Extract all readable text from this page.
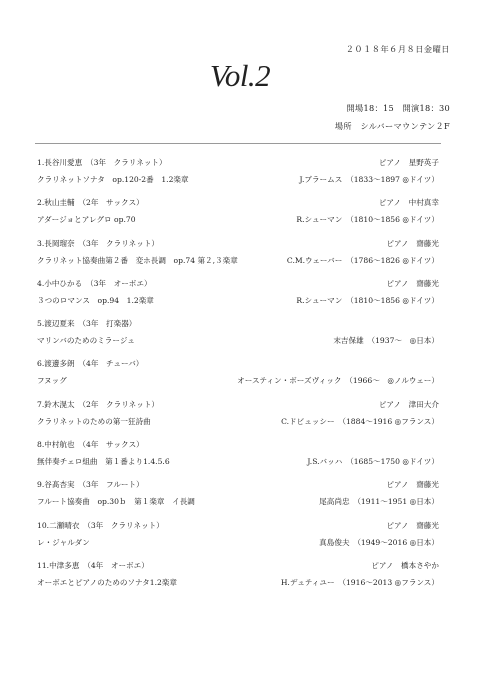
２０１８年６月８日金曜日
Vol.2
開場18：15　開演18：30
場所　シルバーマウンテン２F
1.長谷川愛恵　（3年　クラリネット）	ピアノ　星野英子
クラリネットソナタ　op.120-2番　1.2楽章	J.ブラームス　（1833〜1897 ◎ドイツ）
2.秋山圭輔　（2年　サックス）	ピアノ　中村真幸
アダージョとアレグロ op.70	R.シューマン　（1810〜1856 ◎ドイツ）
3.長岡瑠奈　（3年　クラリネット）	ピアノ　齋藤光
クラリネット協奏曲第２番　変ホ長調　op.74 第２,３楽章	C.M.ウェーバー　（1786〜1826 ◎ドイツ）
4.小中ひかる　（3年　オーボエ）	ピアノ　齋藤光
３つのロマンス　op.94　1.2楽章	R.シューマン　（1810〜1856 ◎ドイツ）
5.渡辺夏来　（3年　打楽器）
マリンバのためのミラージュ	末吉保雄　（1937〜　◎日本）
6.渡邊多朗　（4年　チューバ）
フヌッグ	オースティン・ボーズヴィック　（1966〜　◎ノルウェー）
7.鈴木滉太　（2年　クラリネット）	ピアノ　津田大介
クラリネットのための第一狂詩曲	C.ドビュッシー　（1884〜1916 ◎フランス）
8.中村航也　（4年　サックス）
無伴奏チェロ組曲　第１番より1.4.5.6	J.S.バッハ　（1685〜1750 ◎ドイツ）
9.谷髙杏実　（3年　フルート）	ピアノ　齋藤光
フルート協奏曲　op.30ｂ　第１楽章　イ長調	尾高尚忠　（1911〜1951 ◎日本）
10.二瀬晴衣　（3年　クラリネット）	ピアノ　齋藤光
レ・ジャルダン	真島俊夫　（1949〜2016 ◎日本）
11.中津多恵　（4年　オーボエ）	ピアノ　橋本さやか
オーボエとピアノのためのソナタ1.2楽章	H.デュティユー　（1916〜2013 ◎フランス）
